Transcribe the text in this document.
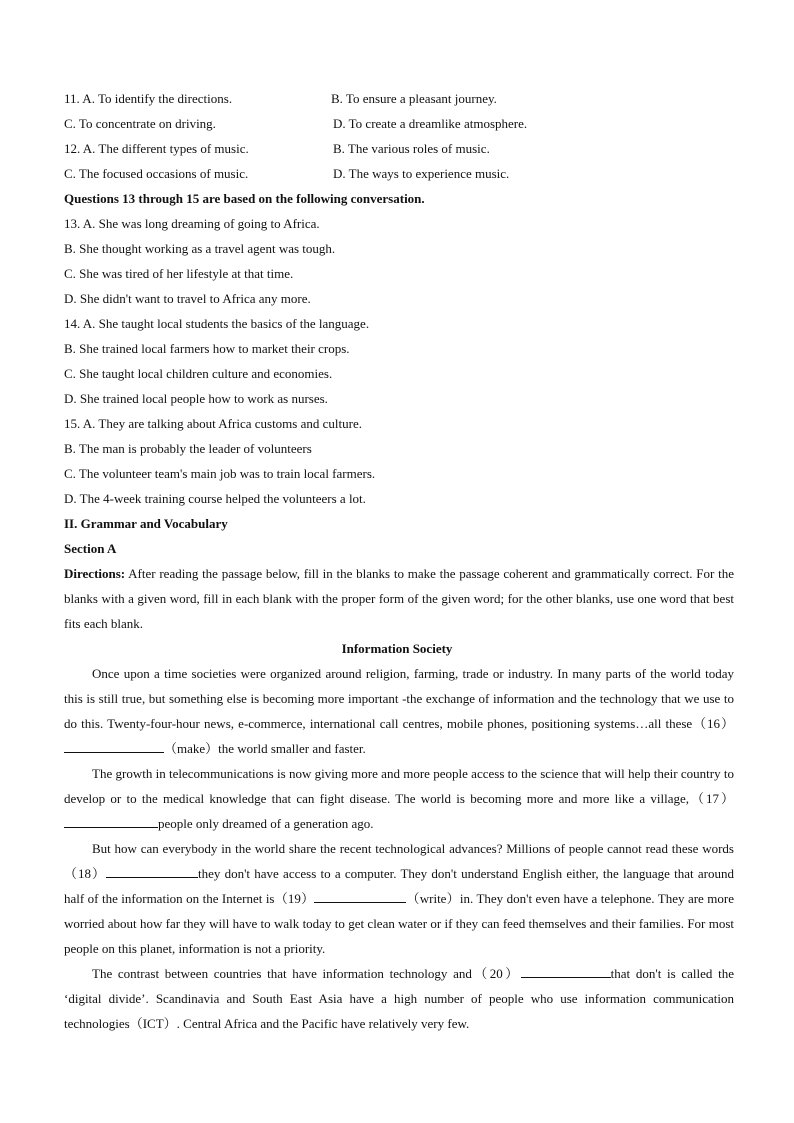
11. A. To identify the directions.	B. To ensure a pleasant journey.
C. To concentrate on driving.	D. To create a dreamlike atmosphere.
12. A. The different types of music.	B. The various roles of music.
C. The focused occasions of music.	D. The ways to experience music.
Questions 13 through 15 are based on the following conversation.
13. A. She was long dreaming of going to Africa.
B. She thought working as a travel agent was tough.
C. She was tired of her lifestyle at that time.
D. She didn't want to travel to Africa any more.
14. A. She taught local students the basics of the language.
B. She trained local farmers how to market their crops.
C. She taught local children culture and economies.
D. She trained local people how to work as nurses.
15. A. They are talking about Africa customs and culture.
B. The man is probably the leader of volunteers
C. The volunteer team's main job was to train local farmers.
D. The 4-week training course helped the volunteers a lot.
II. Grammar and Vocabulary
Section A
Directions: After reading the passage below, fill in the blanks to make the passage coherent and grammatically correct. For the blanks with a given word, fill in each blank with the proper form of the given word; for the other blanks, use one word that best fits each blank.
Information Society

Once upon a time societies were organized around religion, farming, trade or industry. In many parts of the world today this is still true, but something else is becoming more important -the exchange of information and the technology that we use to do this. Twenty-four-hour news, e-commerce, international call centres, mobile phones, positioning systems…all these（16）（make）the world smaller and faster.

The growth in telecommunications is now giving more and more people access to the science that will help their country to develop or to the medical knowledge that can fight disease. The world is becoming more and more like a village,（17）people only dreamed of a generation ago.

But how can everybody in the world share the recent technological advances? Millions of people cannot read these words（18）	they don't have access to a computer. They don't understand English either, the language that around half of the information on the Internet is（19）	（write）in. They don't even have a telephone. They are more worried about how far they will have to walk today to get clean water or if they can feed themselves and their families. For most people on this planet, information is not a priority.

The contrast between countries that have information technology and（20）	that don't is called the ‘digital divide’. Scandinavia and South East Asia have a high number of people who use information communication technologies（ICT）. Central Africa and the Pacific have relatively very few.
